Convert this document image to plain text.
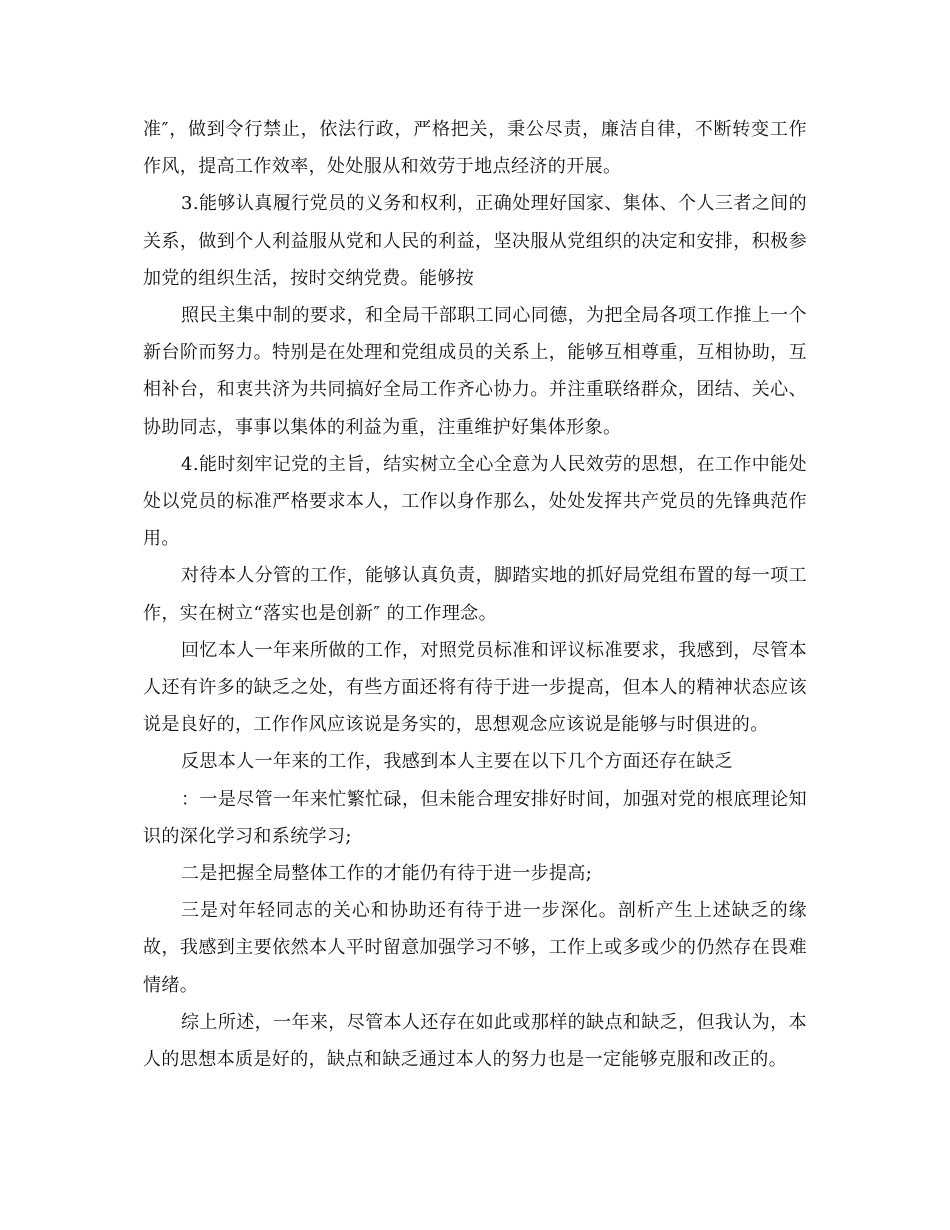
准″，做到令行禁止，依法行政，严格把关，秉公尽责，廉洁自律，不断转变工作作风，提高工作效率，处处服从和效劳于地点经济的开展。

3.能够认真履行党员的义务和权利，正确处理好国家、集体、个人三者之间的关系，做到个人利益服从党和人民的利益，坚决服从党组织的决定和安排，积极参加党的组织生活，按时交纳党费。能够按

照民主集中制的要求，和全局干部职工同心同德，为把全局各项工作推上一个新台阶而努力。特别是在处理和党组成员的关系上，能够互相尊重，互相协助，互相补台，和衷共济为共同搞好全局工作齐心协力。并注重联络群众，团结、关心、协助同志，事事以集体的利益为重，注重维护好集体形象。

4.能时刻牢记党的主旨，结实树立全心全意为人民效劳的思想，在工作中能处处以党员的标准严格要求本人，工作以身作那么，处处发挥共产党员的先锋典范作用。

对待本人分管的工作，能够认真负责，脚踏实地的抓好局党组布置的每一项工作，实在树立“落实也是创新″ 的工作理念。

回忆本人一年来所做的工作，对照党员标准和评议标准要求，我感到，尽管本人还有许多的缺乏之处，有些方面还将有待于进一步提高，但本人的精神状态应该说是良好的，工作作风应该说是务实的，思想观念应该说是能够与时俱进的。

反思本人一年来的工作，我感到本人主要在以下几个方面还存在缺乏

：一是尽管一年来忙繁忙碌，但未能合理安排好时间，加强对党的根底理论知识的深化学习和系统学习;

二是把握全局整体工作的才能仍有待于进一步提高;

三是对年轻同志的关心和协助还有待于进一步深化。剖析产生上述缺乏的缘故，我感到主要依然本人平时留意加强学习不够，工作上或多或少的仍然存在畏难情绪。

综上所述，一年来，尽管本人还存在如此或那样的缺点和缺乏，但我认为，本人的思想本质是好的，缺点和缺乏通过本人的努力也是一定能够克服和改正的。
